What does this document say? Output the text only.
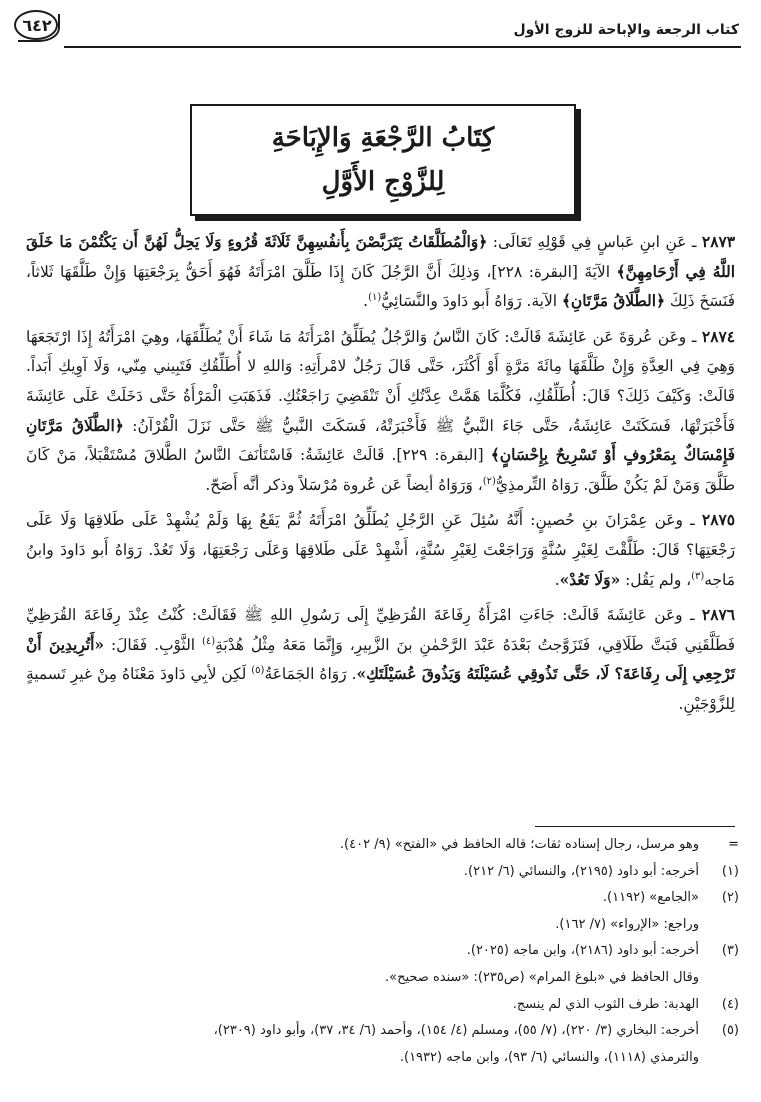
كتاب الرجعة والإباحة للزوج الأول
٦٤٢
كِتَابُ الرَّجْعَةِ وَالإِبَاحَةِ
لِلزَّوْجِ الأَوَّلِ

٢٨٧٣ ـ عَنِ ابنِ عَباسٍ فِي قَوْلِهِ تَعَالَى: ﴿وَالْمُطَلَّقَاتُ يَتَرَبَّصْنَ بِأَنفُسِهِنَّ ثَلَاثَةَ قُرُوءٍ وَلَا يَحِلُّ لَهُنَّ أَن يَكْتُمْنَ مَا خَلَقَ اللَّهُ فِي أَرْحَامِهِنَّ﴾ الآيَةَ [البقرة: ٢٢٨]، وَذلِكَ أَنَّ الرَّجُلَ كَانَ إِذَا طَلَّقَ امْرَأَتَهُ فَهُوَ أَحَقُّ بِرَجْعَتِهَا وَإِنْ طَلَّقَهَا ثَلاثاً، فَنَسَخَ ذَلِكَ ﴿الطَّلَاقُ مَرَّتَانِ﴾ الآية. رَوَاهُ أَبو دَاودَ والنَّسَائِيُّ$^{(١)}$.

٢٨٧٤ ـ وعَن عُروَةَ عَن عَائِشَةَ قَالَتْ: كَانَ النَّاسُ وَالرَّجُلُ يُطَلِّقُ امْرَأَتَهُ مَا شَاءَ أَنْ يُطَلِّقَهَا، وهِيَ امْرَأَتُهُ إِذَا ارْتَجَعَهَا وَهِيَ فِي العِدَّةِ وَإِنْ طَلَّقَهَا مِائَةَ مَرَّةٍ أَوْ أَكْثَرَ، حَتَّى قَالَ رَجُلٌ لامْرأَتِهِ: وَاللهِ لا أُطَلِّقُكِ فَتَبِيني مِنّي، وَلَا آوِيكِ أَبَداً. قَالَتْ: وَكَيْفَ ذَلِكَ؟ قَالَ: أُطَلِّقُكِ، فَكُلَّمَا هَمَّتْ عِدَّتُكِ أَنْ تَنْقَضِيَ رَاجَعْتُكِ. فَذَهَبَتِ الْمَرْأَةُ حَتَّى دَخَلَتْ عَلَى عَائِشَةَ فَأَخْبَرَتْهَا، فَسَكَتَتْ عَائِشَةُ، حَتَّى جَاءَ النَّبيُّ ﷺ فَأَخْبَرَتْهُ، فَسَكَتَ النَّبيُّ ﷺ حَتَّى نَزَلَ الْقُرْآنُ: ﴿الطَّلَاقُ مَرَّتَانِ فَإِمْسَاكٌ بِمَعْرُوفٍ أَوْ تَسْرِيحٌ بِإِحْسَانٍ﴾ [البقرة: ٢٢٩]. قَالَتْ عَائِشَةُ: فَاسْتَأنَفَ النَّاسُ الطَّلاقَ مُسْتَقْبَلاً، مَنْ كَانَ طَلَّقَ وَمَنْ لَمْ يَكُنْ طَلَّقَ. رَوَاهُ التِّرمذِيُّ$^{(٢)}$، وَرَوَاهُ أيضاً عَن عُروة مُرْسَلاً وذكر أنَّه أَصَحّ.

٢٨٧٥ ـ وعَن عِمْرَانَ بنِ حُصينٍ: أَنَّهُ سُئِلَ عَنِ الرَّجُلِ يُطَلِّقُ امْرَأَتَهُ ثُمَّ يَقَعُ بِهَا وَلَمْ يُشْهِدْ عَلَى طَلاقِهَا وَلَا عَلَى رَجْعَتِهَا؟ قَالَ: طَلَّقْتَ لِغَيْرِ سُنَّةٍ وَرَاجَعْتَ لِغَيْرِ سُنَّةٍ، أَشْهِدْ عَلَى طَلاقِهَا وَعَلَى رَجْعَتِهَا، وَلَا تَعُدْ. رَوَاهُ أَبو دَاودَ وابنُ مَاجه$^{(٣)}$، ولم يَقُل: «وَلَا تَعُدْ».

٢٨٧٦ ـ وعَن عَائِشَةَ قَالَتْ: جَاءَتِ امْرَأَةُ رِفَاعَةَ القُرَظِيِّ إِلَى رَسُولِ اللهِ ﷺ فَقَالَتْ: كُنْتُ عِنْدَ رِفَاعَةَ القُرَظِيِّ فَطَلَّقَنِي فَبَتَّ طَلَاقِي، فَتَزَوَّجتُ بَعْدَهُ عَبْدَ الرَّحْمٰنِ بنَ الزَّبِيرِ، وَإِنَّمَا مَعَهُ مِثْلُ هُدْبَةِ$^{(٤)}$ الثَّوْبِ. فَقَالَ: «أَتُرِيدِينَ أَنْ تَرْجِعِي إِلَى رِفَاعَةَ؟ لَا، حَتَّى تَذُوقِي عُسَيْلَتَهُ وَيَذُوقَ عُسَيْلَتَكِ». رَوَاهُ الجَمَاعَةُ$^{(٥)}$ لَكِن لأبِي دَاودَ مَعْنَاهُ مِنْ غيرِ تَسميةٍ لِلزَّوْجَيْنِ.

=
وهو مرسل، رجال إسناده ثقات؛ قاله الحافظ في «الفتح» (٩/ ٤٠٢).
(١)
أخرجه: أبو داود (٢١٩٥)، والنسائي (٦/ ٢١٢).
(٢)
«الجامع» (١١٩٢).
وراجع: «الإرواء» (٧/ ١٦٢).
(٣)
أخرجه: أبو داود (٢١٨٦)، وابن ماجه (٢٠٢٥).
وقال الحافظ في «بلوغ المرام» (ص٢٣٥): «سنده صحيح».
(٤)
الهدبة: طرف الثوب الذي لم ينسج.
(٥)
أخرجه: البخاري (٣/ ٢٢٠)، (٧/ ٥٥)، ومسلم (٤/ ١٥٤)، وأحمد (٦/ ٣٤، ٣٧)، وأبو داود (٢٣٠٩)،
والترمذي (١١١٨)، والنسائي (٦/ ٩٣)، وابن ماجه (١٩٣٢).
